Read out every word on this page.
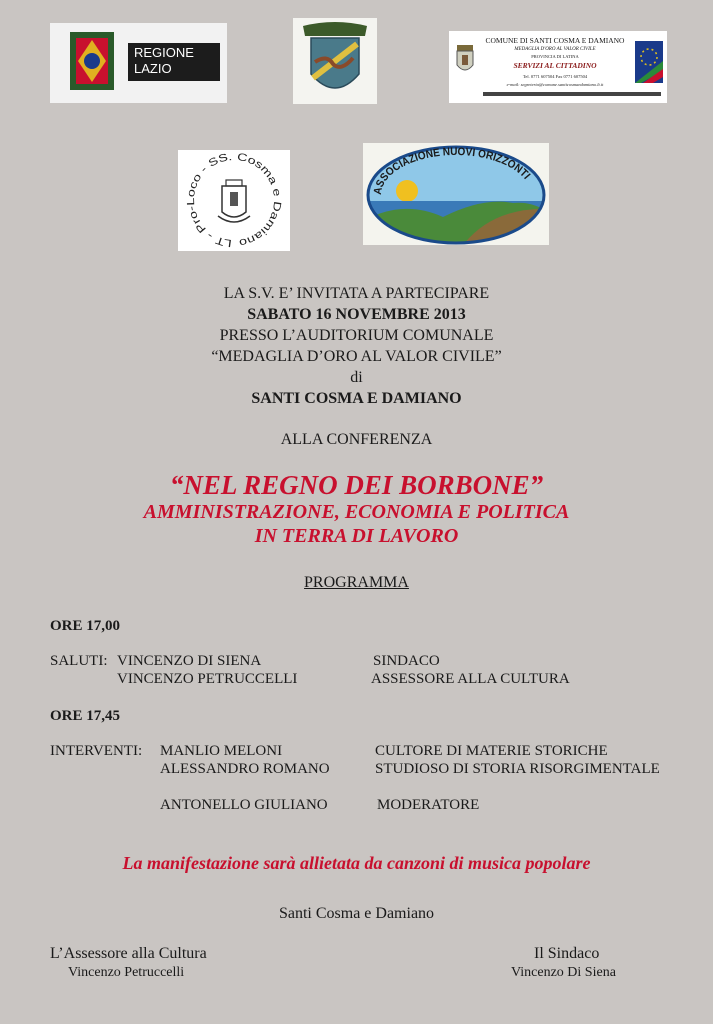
REGIONE
LAZIO
COMUNE DI SANTI COSMA E DAMIANO
MEDAGLIA D'ORO AL VALOR CIVILE
PROVINCIA DI LATINA
SERVIZI AL CITTADINO
Tel. 0771 607504 Fax 0771 607504
e-mail: segreteria@comune.santicosmaedamiano.lt.it
LT - Pro-Loco - SS. Cosma e Damiano
ASSOCIAZIONE NUOVI ORIZZONTI
LA S.V. E’ INVITATA A PARTECIPARE
SABATO 16 NOVEMBRE 2013
PRESSO L’AUDITORIUM COMUNALE
“MEDAGLIA D’ORO AL VALOR CIVILE”
di
SANTI COSMA E DAMIANO
ALLA CONFERENZA
“NEL REGNO DEI BORBONE”
AMMINISTRAZIONE, ECONOMIA E POLITICA
IN TERRA DI LAVORO
PROGRAMMA
ORE 17,00
SALUTI: VINCENZO DI SIENA	SINDACO
VINCENZO PETRUCCELLI	ASSESSORE ALLA CULTURA
ORE 17,45
INTERVENTI: MANLIO MELONI	CULTORE DI MATERIE STORICHE
ALESSANDRO ROMANO	STUDIOSO DI STORIA RISORGIMENTALE
ANTONELLO GIULIANO	MODERATORE
La manifestazione sarà allietata da canzoni di musica popolare
Santi Cosma e Damiano
L’Assessore alla Cultura
Vincenzo Petruccelli
Il Sindaco
Vincenzo Di Siena
